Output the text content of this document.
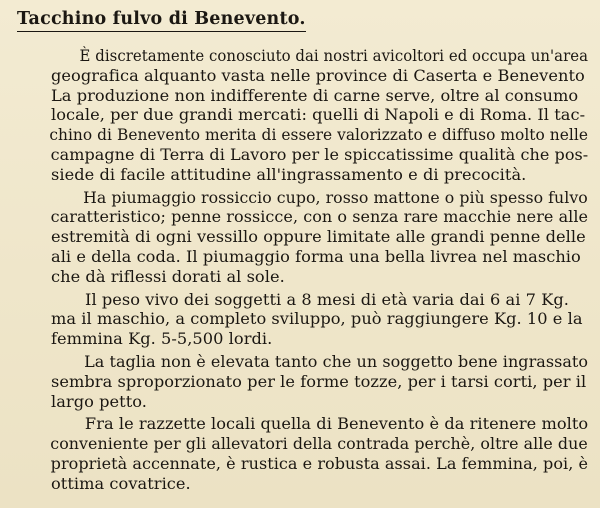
Tacchino fulvo di Benevento.
È discretamente conosciuto dai nostri avicoltori ed occupa un'area
geografica alquanto vasta nelle province di Caserta e Benevento
La produzione non indifferente di carne serve, oltre al consumo
locale, per due grandi mercati: quelli di Napoli e di Roma. Il tac-
chino di Benevento merita di essere valorizzato e diffuso molto nelle
campagne di Terra di Lavoro per le spiccatissime qualità che pos-
siede di facile attitudine all'ingrassamento e di precocità.
Ha piumaggio rossiccio cupo, rosso mattone o più spesso fulvo
caratteristico; penne rossicce, con o senza rare macchie nere alle
estremità di ogni vessillo oppure limitate alle grandi penne delle
ali e della coda. Il piumaggio forma una bella livrea nel maschio
che dà riflessi dorati al sole.
Il peso vivo dei soggetti a 8 mesi di età varia dai 6 ai 7 Kg.
ma il maschio, a completo sviluppo, può raggiungere Kg. 10 e la
femmina Kg. 5-5,500 lordi.
La taglia non è elevata tanto che un soggetto bene ingrassato
sembra sproporzionato per le forme tozze, per i tarsi corti, per il
largo petto.
Fra le razzette locali quella di Benevento è da ritenere molto
conveniente per gli allevatori della contrada perchè, oltre alle due
proprietà accennate, è rustica e robusta assai. La femmina, poi, è
ottima covatrice.
